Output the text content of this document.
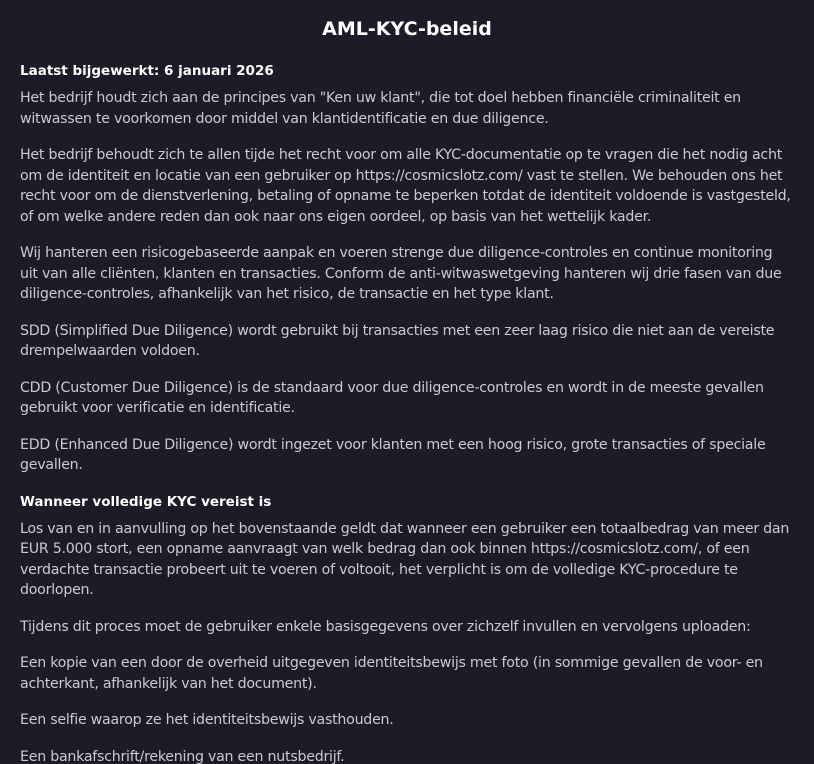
AML-KYC-beleid
Laatst bijgewerkt: 6 januari 2026

Het bedrijf houdt zich aan de principes van "Ken uw klant", die tot doel hebben financiële criminaliteit en witwassen te voorkomen door middel van klantidentificatie en due diligence.

Het bedrijf behoudt zich te allen tijde het recht voor om alle KYC-documentatie op te vragen die het nodig acht om de identiteit en locatie van een gebruiker op https://cosmicslotz.com/ vast te stellen. We behouden ons het recht voor om de dienstverlening, betaling of opname te beperken totdat de identiteit voldoende is vastgesteld, of om welke andere reden dan ook naar ons eigen oordeel, op basis van het wettelijk kader.

Wij hanteren een risicogebaseerde aanpak en voeren strenge due diligence-controles en continue monitoring uit van alle cliënten, klanten en transacties. Conform de anti-witwaswetgeving hanteren wij drie fasen van due diligence-controles, afhankelijk van het risico, de transactie en het type klant.

SDD (Simplified Due Diligence) wordt gebruikt bij transacties met een zeer laag risico die niet aan de vereiste drempelwaarden voldoen.

CDD (Customer Due Diligence) is de standaard voor due diligence-controles en wordt in de meeste gevallen gebruikt voor verificatie en identificatie.

EDD (Enhanced Due Diligence) wordt ingezet voor klanten met een hoog risico, grote transacties of speciale gevallen.

Wanneer volledige KYC vereist is

Los van en in aanvulling op het bovenstaande geldt dat wanneer een gebruiker een totaalbedrag van meer dan EUR 5.000 stort, een opname aanvraagt van welk bedrag dan ook binnen https://cosmicslotz.com/, of een verdachte transactie probeert uit te voeren of voltooit, het verplicht is om de volledige KYC-procedure te doorlopen.

Tijdens dit proces moet de gebruiker enkele basisgegevens over zichzelf invullen en vervolgens uploaden:

Een kopie van een door de overheid uitgegeven identiteitsbewijs met foto (in sommige gevallen de voor- en achterkant, afhankelijk van het document).

Een selfie waarop ze het identiteitsbewijs vasthouden.

Een bankafschrift/rekening van een nutsbedrijf.
